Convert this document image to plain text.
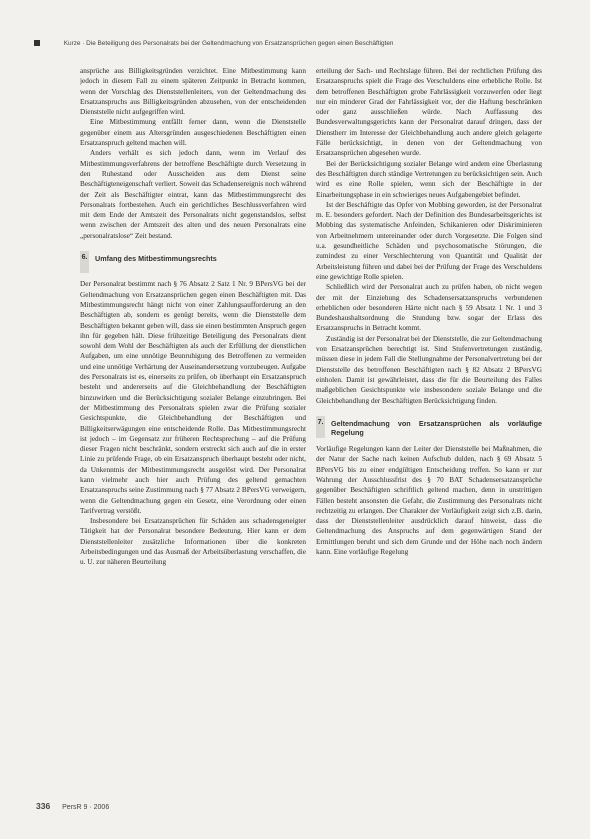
Kurze · Die Beteiligung des Personalrats bei der Geltendmachung von Ersatzansprüchen gegen einen Beschäftigten

ansprüche aus Billigkeitsgründen verzichtet. Eine Mitbestimmung kann jedoch in diesem Fall zu einem späteren Zeitpunkt in Betracht kommen, wenn der Vorschlag des Dienststellenleiters, von der Geltendmachung des Ersatzanspruchs aus Billigkeitsgründen abzusehen, von der entscheidenden Dienststelle nicht aufgegriffen wird.

Eine Mitbestimmung entfällt ferner dann, wenn die Dienststelle gegenüber einem aus Altersgründen ausgeschiedenen Beschäftigten einen Ersatzanspruch geltend machen will.

Anders verhält es sich jedoch dann, wenn im Verlauf des Mitbestimmungsverfahrens der betroffene Beschäftigte durch Versetzung in den Ruhestand oder Ausscheiden aus dem Dienst seine Beschäftigteneigenschaft verliert. Soweit das Schadensereignis noch während der Zeit als Beschäftigter eintrat, kann das Mitbestimmungsrecht des Personalrats fortbestehen. Auch ein gerichtliches Beschlussverfahren wird mit dem Ende der Amtszeit des Personalrats nicht gegenstandslos, selbst wenn zwischen der Amtszeit des alten und des neuen Personalrats eine „personalratslose“ Zeit bestand.

6. Umfang des Mitbestimmungsrechts

Der Personalrat bestimmt nach § 76 Absatz 2 Satz 1 Nr. 9 BPersVG bei der Geltendmachung von Ersatzansprüchen gegen einen Beschäftigten mit. Das Mitbestimmungsrecht hängt nicht von einer Zahlungsaufforderung an den Beschäftigten ab, sondern es genügt bereits, wenn die Dienststelle dem Beschäftigten bekannt geben will, dass sie einen bestimmten Anspruch gegen ihn für gegeben hält. Diese frühzeitige Beteiligung des Personalrats dient sowohl dem Wohl der Beschäftigten als auch der Erfüllung der dienstlichen Aufgaben, um eine unnötige Beunruhigung des Betroffenen zu vermeiden und eine unnötige Verhärtung der Auseinandersetzung vorzubeugen. Aufgabe des Personalrats ist es, einerseits zu prüfen, ob überhaupt ein Ersatzanspruch besteht und andererseits auf die Gleichbehandlung der Beschäftigten hinzuwirken und die Berücksichtigung sozialer Belange einzubringen. Bei der Mitbestimmung des Personalrats spielen zwar die Prüfung sozialer Gesichtspunkte, die Gleichbehandlung der Beschäftigten und Billigkeitserwägungen eine entscheidende Rolle. Das Mitbestimmungsrecht ist jedoch – im Gegensatz zur früheren Rechtsprechung – auf die Prüfung dieser Fragen nicht beschränkt, sondern erstreckt sich auch auf die in erster Linie zu prüfende Frage, ob ein Ersatzanspruch überhaupt besteht oder nicht, da Unkenntnis der Mitbestimmungsrecht ausgelöst wird. Der Personalrat kann vielmehr auch hier auch Prüfung des geltend gemachten Ersatzanspruchs seine Zustimmung nach § 77 Absatz 2 BPersVG verweigern, wenn die Geltendmachung gegen ein Gesetz, eine Verordnung oder einen Tarifvertrag verstößt.

Insbesondere bei Ersatzansprüchen für Schäden aus schadensgeneigter Tätigkeit hat der Personalrat besondere Bedeutung. Hier kann er dem Dienststellenleiter zusätzliche Informationen über die konkreten Arbeitsbedingungen und das Ausmaß der Arbeitsüberlastung verschaffen, die u. U. zur näheren Beurteilung

erteilung der Sach- und Rechtslage führen. Bei der rechtlichen Prüfung des Ersatzanspruchs spielt die Frage des Verschuldens eine erhebliche Rolle. Ist dem betroffenen Beschäftigten grobe Fahrlässigkeit vorzuwerfen oder liegt nur ein minderer Grad der Fahrlässigkeit vor, der die Haftung beschränken oder ganz ausschließen würde. Nach Auffassung des Bundesverwaltungsgerichts kann der Personalrat darauf dringen, dass der Dienstherr im Interesse der Gleichbehandlung auch andere gleich gelagerte Fälle berücksichtigt, in denen von der Geltendmachung von Ersatzansprüchen abgesehen wurde.

Bei der Berücksichtigung sozialer Belange wird andem eine Überlastung des Beschäftigten durch ständige Vertretungen zu berücksichtigen sein. Auch wird es eine Rolle spielen, wenn sich der Beschäftigte in der Einarbeitungsphase in ein schwieriges neues Aufgabengebiet befindet.

Ist der Beschäftigte das Opfer von Mobbing geworden, ist der Personalrat m. E. besonders gefordert. Nach der Definition des Bundesarbeitsgerichts ist Mobbing das systematische Anfeinden, Schikanieren oder Diskriminieren von Arbeitnehmern untereinander oder durch Vorgesetzte. Die Folgen sind u.a. gesundheitliche Schäden und psychosomatische Störungen, die zumindest zu einer Verschlechterung von Quantität und Qualität der Arbeitsleistung führen und dabei bei der Prüfung der Frage des Verschuldens eine gewichtige Rolle spielen.

Schließlich wird der Personalrat auch zu prüfen haben, ob nicht wegen der mit der Einziehung des Schadensersatzanspruchs verbundenen erheblichen oder besonderen Härte nicht nach § 59 Absatz 1 Nr. 1 und 3 Bundeshaushaltsordnung die Stundung bzw. sogar der Erlass des Ersatzanspruchs in Betracht kommt.

Zuständig ist der Personalrat bei der Dienststelle, die zur Geltendmachung von Ersatzansprüchen berechtigt ist. Sind Stufenvertretungen zuständig, müssen diese in jedem Fall die Stellungnahme der Personalvertretung bei der Dienststelle des betroffenen Beschäftigten nach § 82 Absatz 2 BPersVG einholen. Damit ist gewährleistet, dass die für die Beurteilung des Falles maßgeblichen Gesichtspunkte wie insbesondere soziale Belange und die Gleichbehandlung der Beschäftigten Berücksichtigung finden.

7. Geltendmachung von Ersatzansprüchen als vorläufige Regelung

Vorläufige Regelungen kann der Leiter der Dienststelle bei Maßnahmen, die der Natur der Sache nach keinen Aufschub dulden, nach § 69 Absatz 5 BPersVG bis zu einer endgültigen Entscheidung treffen. So kann er zur Wahrung der Ausschlussfrist des § 70 BAT Schadensersatzansprüche gegenüber Beschäftigten schriftlich geltend machen, denn in unstrittigen Fällen besteht ansonsten die Gefahr, die Zustimmung des Personalrats nicht rechtzeitig zu erlangen. Der Charakter der Vorläufigkeit zeigt sich z.B. darin, dass der Dienststellenleiter ausdrücklich darauf hinweist, dass die Geltendmachung des Anspruchs auf dem gegenwärtigen Stand der Ermittlungen beruht und sich dem Grunde und der Höhe nach noch ändern kann. Eine vorläufige Regelung

336 PersR 9 · 2006
